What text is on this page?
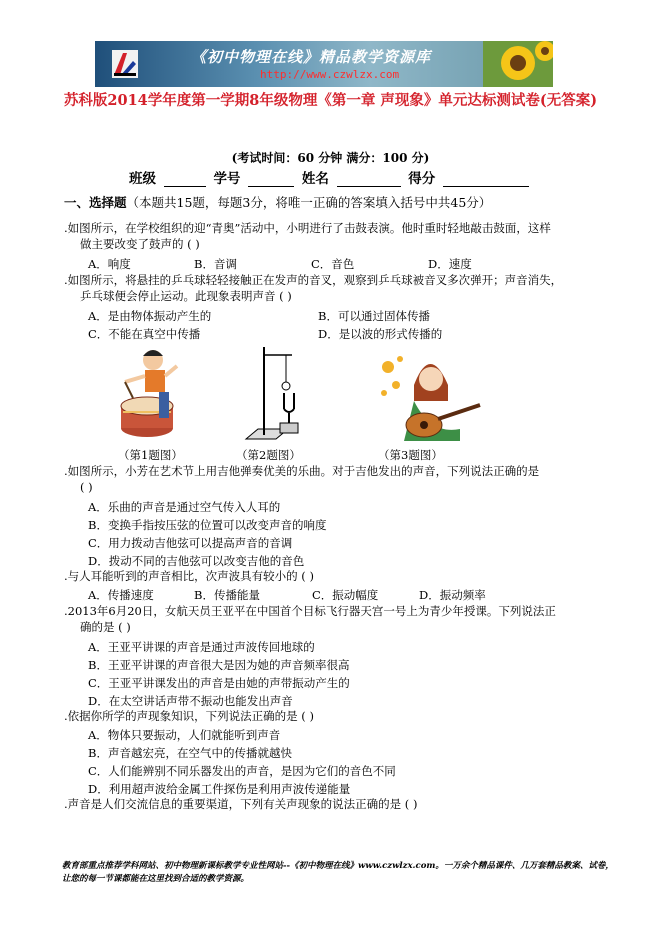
《初中物理在线》精品教学资源库
http://www.czwlzx.com
苏科版2014学年度第一学期8年级物理《第一章 声现象》单元达标测试卷(无答案)
(考试时间：60 分钟 满分：100 分)
班级	学号	姓名	得分
一、选择题（本题共15题，每题3分，将唯一正确的答案填入括号中共45分）
.如图所示，在学校组织的迎“青奥”活动中，小明进行了击鼓表演。他时重时轻地敲击鼓面，这样
做主要改变了鼓声的 ( )
A．响度	B．音调	C．音色	D．速度
.如图所示，将悬挂的乒乓球轻轻接触正在发声的音叉，观察到乒乓球被音叉多次弹开；声音消失，
乒乓球便会停止运动。此现象表明声音 ( )
A．是由物体振动产生的	B．可以通过固体传播
C．不能在真空中传播	D．是以波的形式传播的
（第1题图）	（第2题图）	（第3题图）
.如图所示，小芳在艺术节上用吉他弹奏优美的乐曲。对于吉他发出的声音，下列说法正确的是
( )
A．乐曲的声音是通过空气传入人耳的
B．变换手指按压弦的位置可以改变声音的响度
C．用力拨动吉他弦可以提高声音的音调
D．拨动不同的吉他弦可以改变吉他的音色
.与人耳能听到的声音相比，次声波具有较小的 ( )
A．传播速度	B．传播能量	C．振动幅度	D．振动频率
.2013年6月20日，女航天员王亚平在中国首个目标飞行器天宫一号上为青少年授课。下列说法正
确的是 ( )
A．王亚平讲课的声音是通过声波传回地球的
B．王亚平讲课的声音很大是因为她的声音频率很高
C．王亚平讲课发出的声音是由她的声带振动产生的
D．在太空讲话声带不振动也能发出声音
.依据你所学的声现象知识，下列说法正确的是 ( )
A．物体只要振动，人们就能听到声音
B．声音越宏亮，在空气中的传播就越快
C．人们能辨别不同乐器发出的声音，是因为它们的音色不同
D．利用超声波给金属工件探伤是利用声波传递能量
.声音是人们交流信息的重要渠道，下列有关声现象的说法正确的是 ( )
教育部重点推荐学科网站、初中物理新课标教学专业性网站--《初中物理在线》www.czwlzx.com。一万余个精品课件、几万套精品教案、试卷，让您的每一节课都能在这里找到合适的教学资源。
